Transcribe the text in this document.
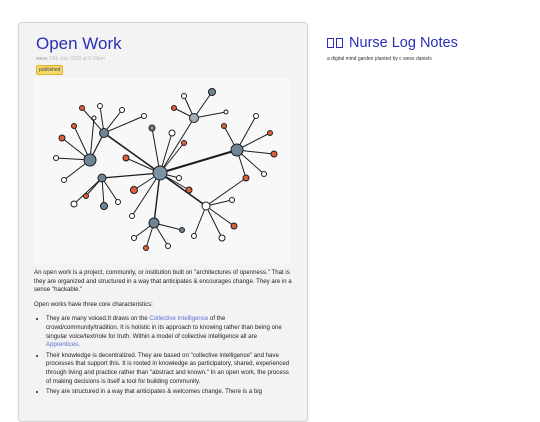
Open Work
wess 10th July 2020 at 6:09pm
published

An open work is a project, community, or institution built on "architectures of openness." That is they are organized and structured in a way that anticipates & encourages change. They are in a sense "hackable."

Open works have three core characteristics:

• They are many voiced.It draws on the Collective Intelligence of the crowd/community/tradition. It is holistic in its approach to knowing rather than being one singular voice/text/role for truth. Within a model of collective intelligence all are Apprentices.
• Their knowledge is decentralized. They are based on "collective intelligence" and have processes that support this. It is rooted in knowledge as participatory, shared, experienced through living and practice rather than "abstract and known." In an open work, the process of making decisions is itself a tool for building community.
• They are structured in a way that anticipates & welcomes change. There is a big
Nurse Log Notes
a digital mind garden planted by c wess daniels
